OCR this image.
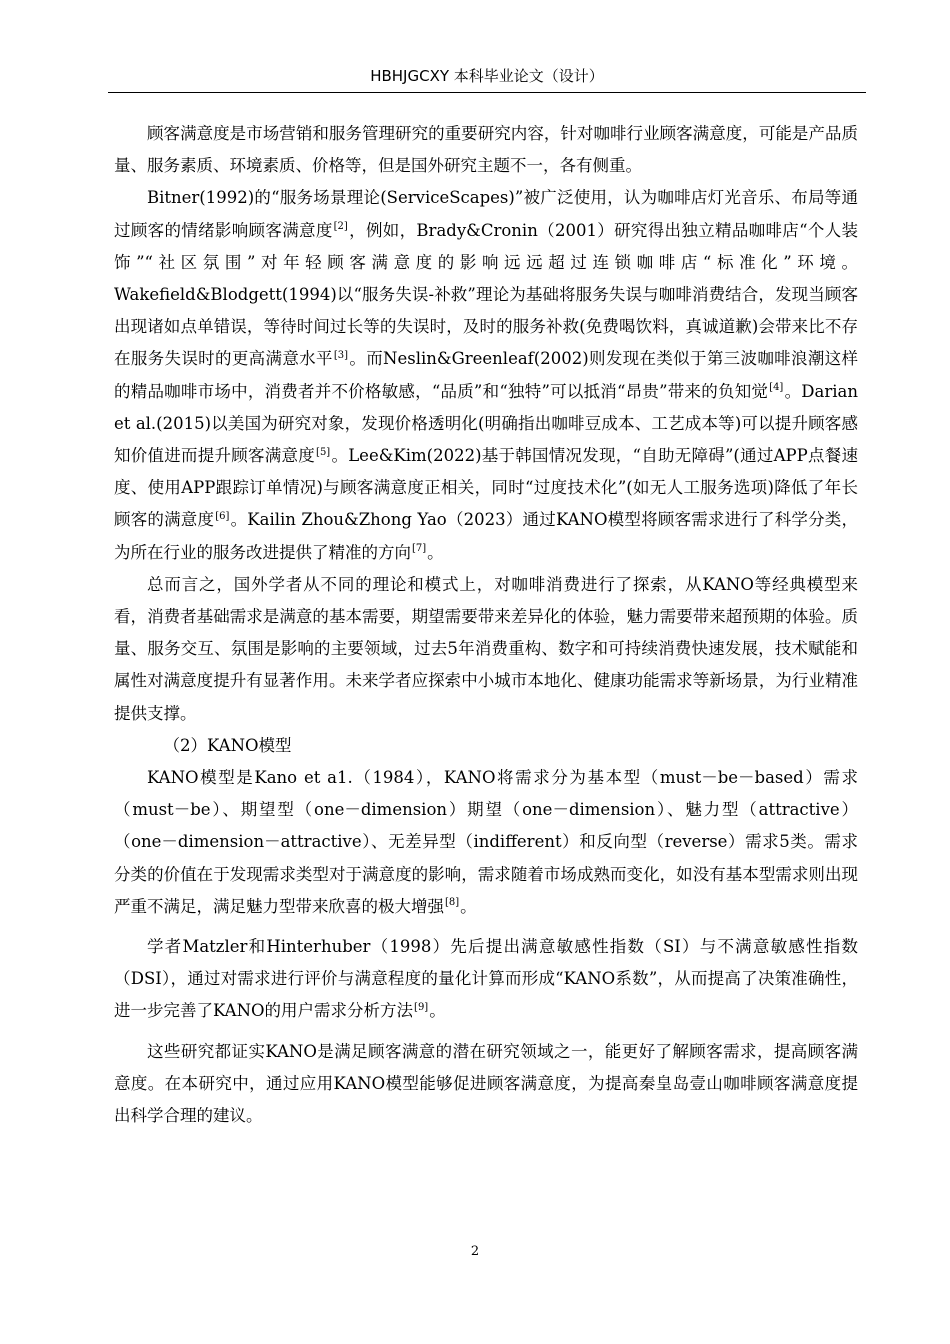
HBHJGCXY 本科毕业论文（设计）

顾客满意度是市场营销和服务管理研究的重要研究内容，针对咖啡行业顾客满意度，可能是产品质量、服务素质、环境素质、价格等，但是国外研究主题不一，各有侧重。

Bitner(1992)的“服务场景理论(ServiceScapes)”被广泛使用，认为咖啡店灯光音乐、布局等通过顾客的情绪影响顾客满意度[2]，例如，Brady&Cronin（2001）研究得出独立精品咖啡店“个人装饰”“社区氛围”对年轻顾客满意度的影响远远超过连锁咖啡店“标准化”环境。Wakefield&Blodgett(1994)以“服务失误-补救”理论为基础将服务失误与咖啡消费结合，发现当顾客出现诸如点单错误，等待时间过长等的失误时，及时的服务补救(免费喝饮料，真诚道歉)会带来比不存在服务失误时的更高满意水平[3]。而Neslin&Greenleaf(2002)则发现在类似于第三波咖啡浪潮这样的精品咖啡市场中，消费者并不价格敏感，“品质”和“独特”可以抵消“昂贵”带来的负知觉[4]。Darian et al.(2015)以美国为研究对象，发现价格透明化(明确指出咖啡豆成本、工艺成本等)可以提升顾客感知价值进而提升顾客满意度[5]。Lee&Kim(2022)基于韩国情况发现，“自助无障碍”(通过APP点餐速度、使用APP跟踪订单情况)与顾客满意度正相关，同时“过度技术化”(如无人工服务选项)降低了年长顾客的满意度[6]。Kailin Zhou&Zhong Yao（2023）通过KANO模型将顾客需求进行了科学分类，为所在行业的服务改进提供了精准的方向[7]。

总而言之，国外学者从不同的理论和模式上，对咖啡消费进行了探索，从KANO等经典模型来看，消费者基础需求是满意的基本需要，期望需要带来差异化的体验，魅力需要带来超预期的体验。质量、服务交互、氛围是影响的主要领域，过去5年消费重构、数字和可持续消费快速发展，技术赋能和属性对满意度提升有显著作用。未来学者应探索中小城市本地化、健康功能需求等新场景，为行业精准提供支撑。

（2）KANO模型

KANO模型是Kano et a1.（1984），KANO将需求分为基本型（must－be－based）需求（must－be）、期望型（one－dimension）期望（one－dimension）、魅力型（attractive）（one－dimension－attractive）、无差异型（indifferent）和反向型（reverse）需求5类。需求分类的价值在于发现需求类型对于满意度的影响，需求随着市场成熟而变化，如没有基本型需求则出现严重不满足，满足魅力型带来欣喜的极大增强[8]。

学者Matzler和Hinterhuber（1998）先后提出满意敏感性指数（SI）与不满意敏感性指数（DSI），通过对需求进行评价与满意程度的量化计算而形成“KANO系数”，从而提高了决策准确性，进一步完善了KANO的用户需求分析方法[9]。

这些研究都证实KANO是满足顾客满意的潜在研究领域之一，能更好了解顾客需求，提高顾客满意度。在本研究中，通过应用KANO模型能够促进顾客满意度，为提高秦皇岛壹山咖啡顾客满意度提出科学合理的建议。

2
